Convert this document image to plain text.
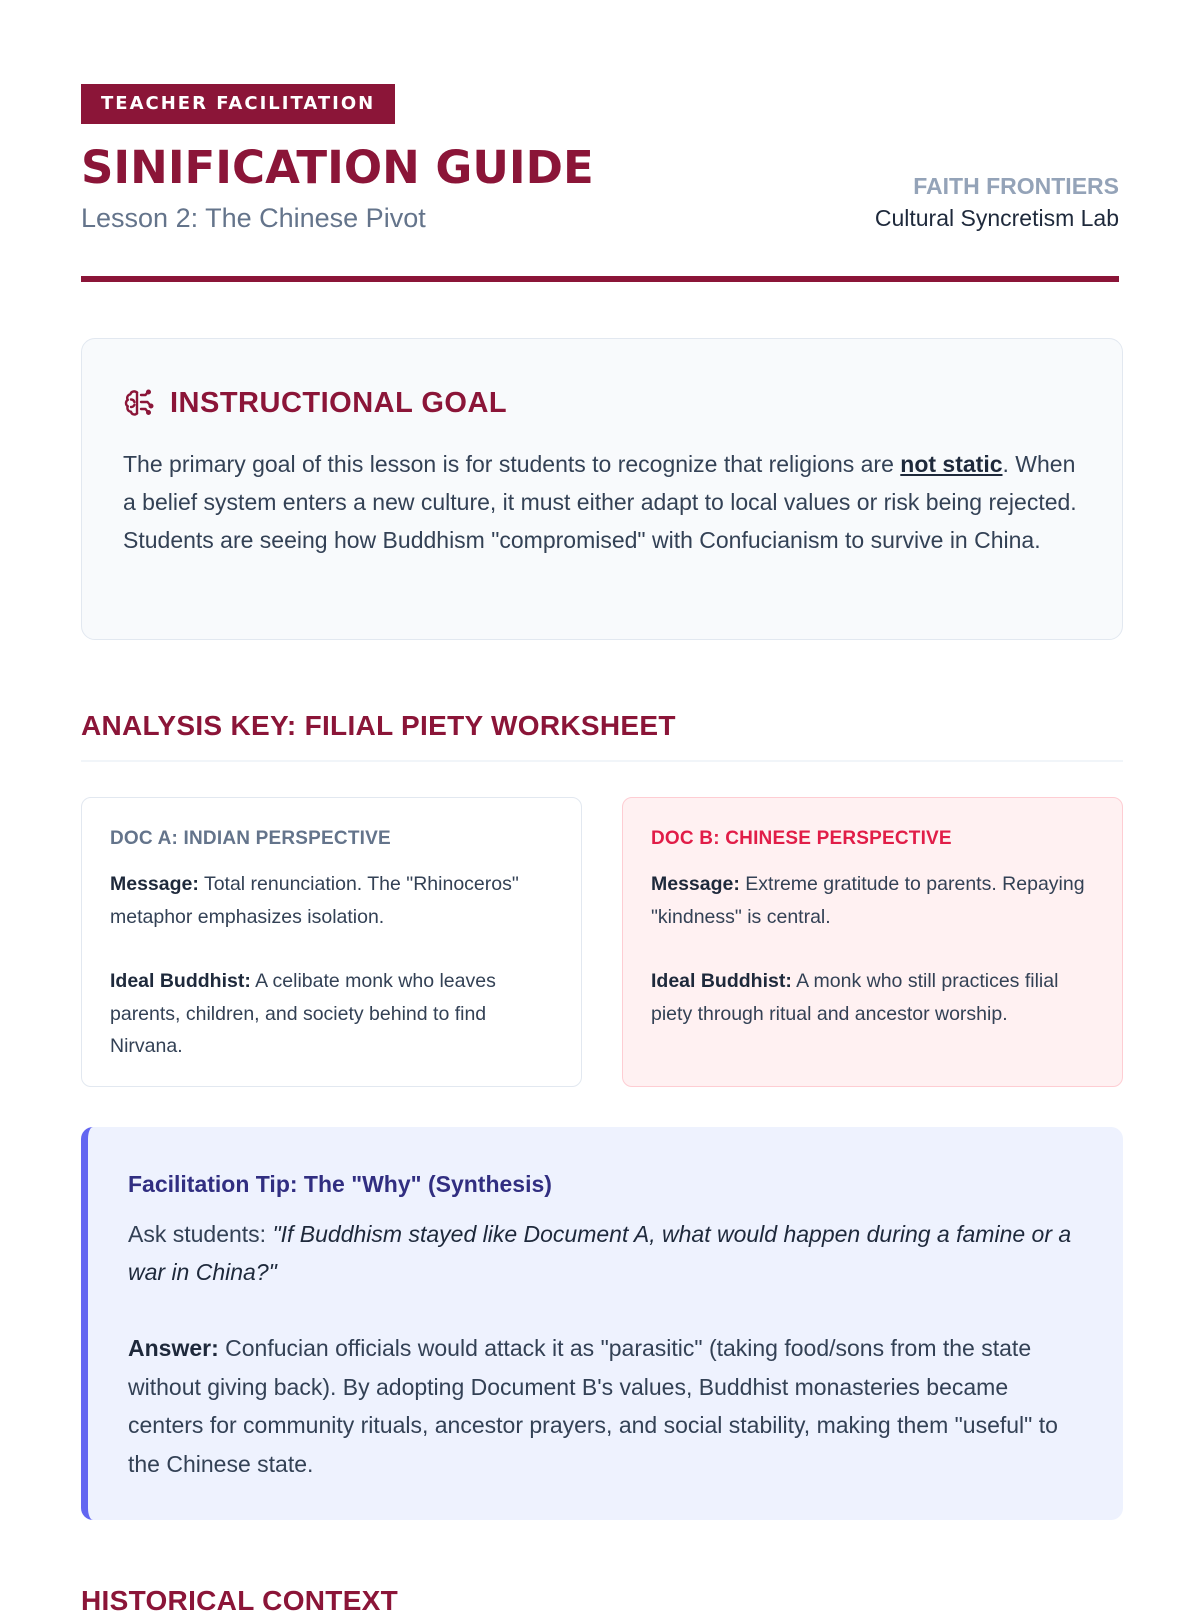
TEACHER FACILITATION
SINIFICATION GUIDE
Lesson 2: The Chinese Pivot
FAITH FRONTIERS
Cultural Syncretism Lab
INSTRUCTIONAL GOAL
The primary goal of this lesson is for students to recognize that religions are not static. When a belief system enters a new culture, it must either adapt to local values or risk being rejected. Students are seeing how Buddhism "compromised" with Confucianism to survive in China.
ANALYSIS KEY: FILIAL PIETY WORKSHEET
DOC A: INDIAN PERSPECTIVE

Message: Total renunciation. The "Rhinoceros" metaphor emphasizes isolation.

Ideal Buddhist: A celibate monk who leaves parents, children, and society behind to find Nirvana.

DOC B: CHINESE PERSPECTIVE

Message: Extreme gratitude to parents. Repaying "kindness" is central.

Ideal Buddhist: A monk who still practices filial piety through ritual and ancestor worship.

Facilitation Tip: The "Why" (Synthesis)
Ask students: "If Buddhism stayed like Document A, what would happen during a famine or a war in China?"
Answer: Confucian officials would attack it as "parasitic" (taking food/sons from the state without giving back). By adopting Document B's values, Buddhist monasteries became centers for community rituals, ancestor prayers, and social stability, making them "useful" to the Chinese state.
HISTORICAL CONTEXT
